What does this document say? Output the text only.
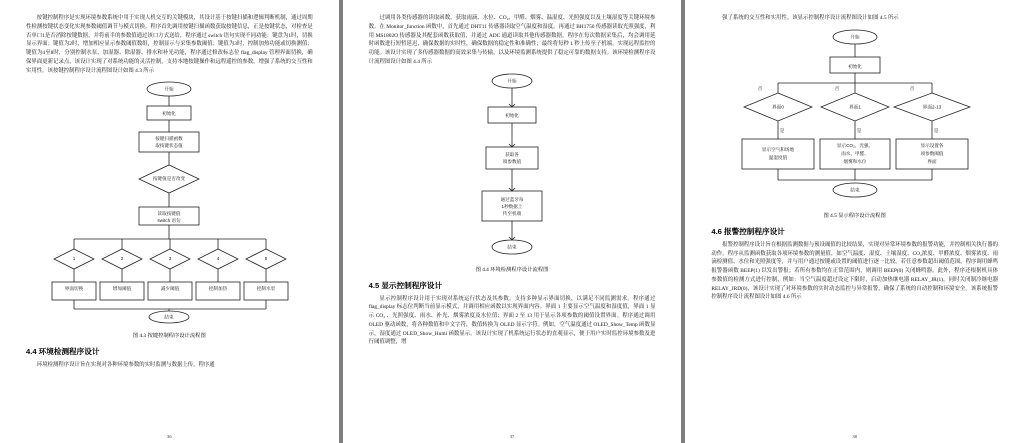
按键控制程序是实现环境参数系统中用于实现人机交互的关键模块，其设计基于按键扫描和逻辑判断机制，通过周期性检测按键状态变化实现参数阈值调节与模式切换。程序首先调用按键扫描函数获取按键信息，正是按键状态，对检查是否单口1是否消除按键数据，并将前半的参数值通过该口方式送给，程序通过 switch 语句实现不同功能：键盘为1时，切换显示界面；键值为2时，增加相应显示参数阈值数组，控制显示与采集参数阈值；键值为3时，控制加热功能或切换测值；键值为4至8时，分别控制水泵、加湿器、除湿器、排水和补光功能，程序通过修改标志位 flag_display 管理界面切换，确保界面更新记录点，该设计实现了对系统功能的灵活控制，支持本地按键操作和远程遥控的参数，增强了系统的交互性和实用性。该按键控制程序设计流程图设计如图 4.3 所示

开始
初始化
按键扫描函数
取按键状态值
按键值是否改变
读取按键值
switch 语句
1	2	3	4	5
界面切换	增加阈值	减少阈值	控制加热	控制水泵
结束
图 4.3 按键控制程序设计流程图
4.4 环境检测程序设计

环境检测程序设计旨在实现对各种环境参数的实时监测与数据上传。程序通

36

过调用各类传感器的读取函数，获取雨滴、水位、CO₂、甲醛、烟雾、温湿度、光照强度以及土壤湿度等关键环境参数。在 Monitor_function 函数中，首先通过 DHT11 传感器读取空气温度和湿度，再通过 BH1750 传感器读取光照强度，利用 MS1802O 传感器及其配套函数获取值，并通过 ADC 通道读取其他传感器数据。程序在每次数据采集后，均会调用延时函数进行短暂延迟，确保数据的实时性，确保数据的稳定性和准确性；最终将每秒 1 秒上传至子机端，实现远程监控的功能。该设计实现了多传感器数据的高效采集与传输，以及环境监测系统提供了稳定可靠的数据支持。该环境检测程序设计流程图设计如图 4.4 所示

开始
初始化
获取各
项参数值
通过蓝牙每
1秒数据上
传至机端
结束
图 4.4 环境检测程序设计流程图
4.5 显示控制程序设计

显示控制程序设计用于实现对系统运行状态及其参数，支持多种显示界面切换，以满足不同监测需求。程序通过 flag_display 标志位判断当前显示模式，并调用相应函数以实现界面内容。界面 1 主要显示空气温度和湿度值，界面 1 显示 CO₂ 、光照强度、雨水、补光、烟雾浓度及水位值；界面 2 至 13 用于显示各项参数的阈值设置界面。程序通过调用 OLED 驱动函数，将各种数值和中文字符，数值转换为 OLED 显示字符。例如，空气温度通过 OLED_Show_Temp 函数显示，湿度通过 OLED_Show_Humi 函数显示。该设计实现了机系统运行状态的直观显示，便于用户实时监控环境参数及进行阈值调整，增

37

强了系统的交互性和实用性。该显示控制程序设计流程图设计如图 4.5 所示

开始
初始化
界面0	界面1	界面2-13
否
是
否
是
否
是
显示空气和场地
温湿度值
显示CO₂、光强、
雨水、甲醛、
烟雾和水位
显示设置各
项参数阈值
界面
结束
图 4.5 显示程序设计流程图
4.6 报警控制程序设计

报警控制程序设计旨在根据监测数据与预设阈值的比较结果，实现对异常环境参数的报警功能，并控制相关执行器的动作。程序从监测函数获取各项环境参数的测量值，如空气温度、湿度、土壤湿度、CO₂浓度、甲醛浓度、烟雾浓度、雨滴检测值、水位和光照强度等，并与用户通过按键或设置的阈值进行逐一比较。若任意参数超出阈值范围，程序调用蜂鸣报警器函数 BEEP(1) 以发出警报；若所有参数均在正常范围内，则调用 BEEP(0) 关闭蜂鸣器。此外，程序还根据机具体参数值的检测方式进行控制，例如：当空气温度超过设定下限时，启动加热继电器 RELAY_JR(1)，同时关闭制冷继电器 RELAY_JRD(0)，该设计实现了对环境参数的实时动态监控与异常报警，确保了系统的自动控制和环境安全。该系统报警控制程序设计流程图设计如图 4.6 所示

38
